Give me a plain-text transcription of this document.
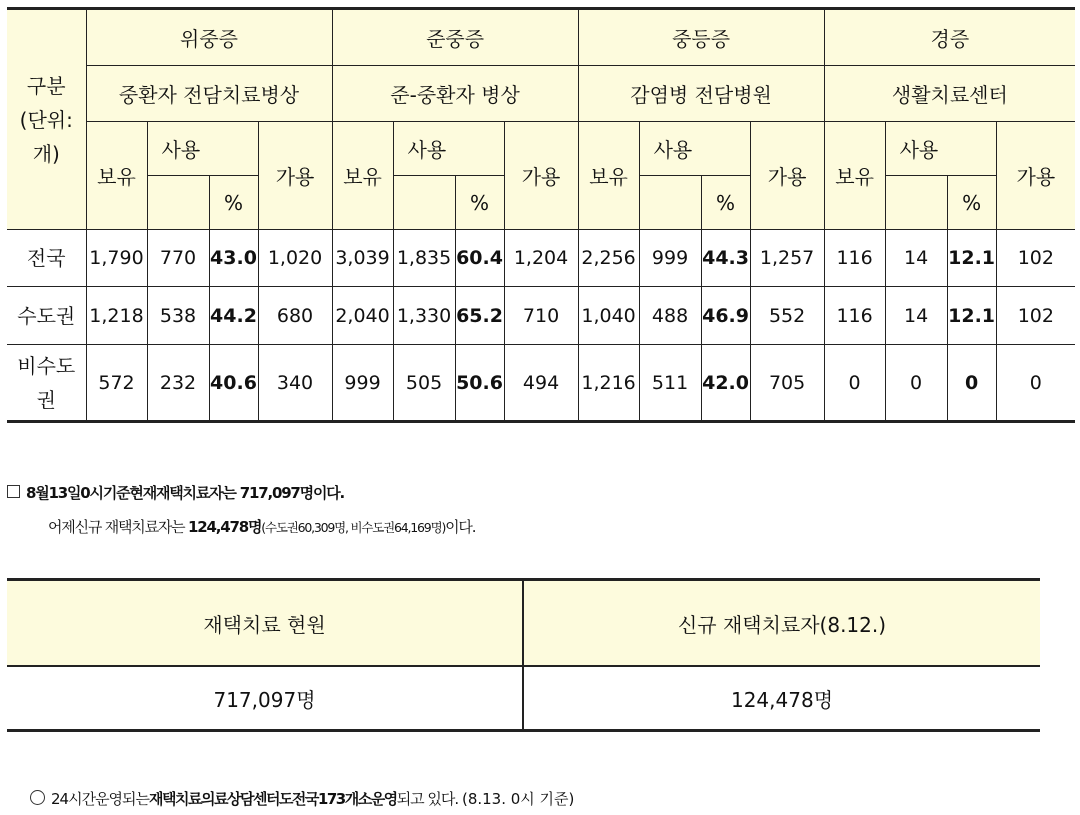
구분
(단위:
개)	위중증				준중증				중등증				경증			
	중환자 전담치료병상				준-중환자 병상				감염병 전담병원				생활치료센터			
	보유	사용		가용	보유	사용		가용	보유	사용		가용	보유	사용		가용
			%				%				%				%	

전국	1,790	770	43.0	1,020	3,039	1,835	60.4	1,204	2,256	999	44.3	1,257	116	14	12.1	102

수도권	1,218	538	44.2	680	2,040	1,330	65.2	710	1,040	488	46.9	552	116	14	12.1	102

비수도
권	572	232	40.6	340	999	505	50.6	494	1,216	511	42.0	705	0	0	0	0
8월13일0시기준현재재택치료자는 717,097명이다.
어제신규 재택치료자는 124,478명(수도권60,309명, 비수도권64,169명)이다.
재택치료 현원	신규 재택치료자(8.12.)
717,097명	124,478명
24시간운영되는재택치료의료상담센터도전국173개소운영되고 있다. (8.13. 0시 기준)
